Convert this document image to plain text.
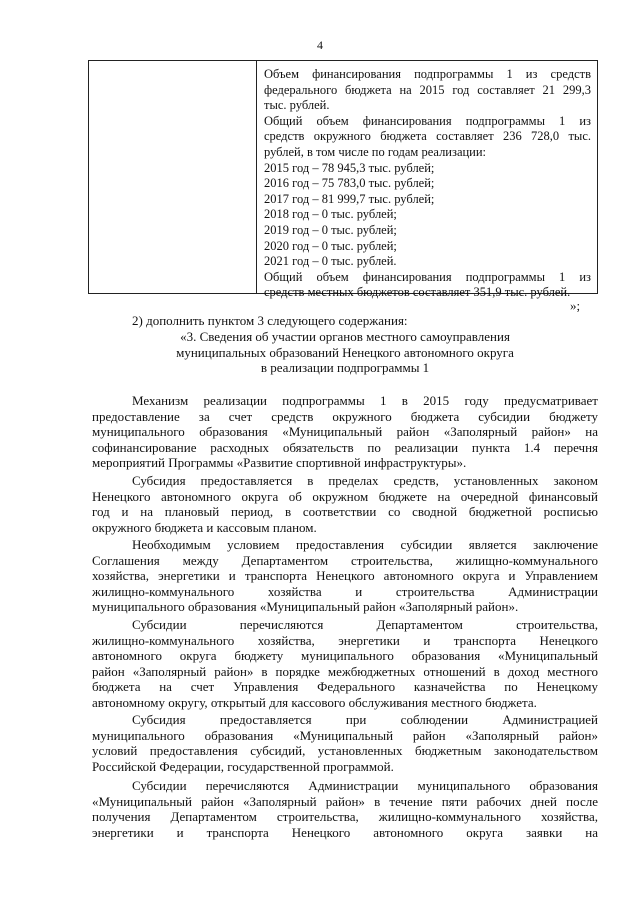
4
Объем финансирования подпрограммы 1 из средств
федерального бюджета на 2015 год составляет 21 299,3
тыс. рублей.
Общий объем финансирования подпрограммы 1 из
средств окружного бюджета составляет 236 728,0 тыс.
рублей, в том числе по годам реализации:
2015 год – 78 945,3 тыс. рублей;
2016 год – 75 783,0 тыс. рублей;
2017 год – 81 999,7 тыс. рублей;
2018 год – 0 тыс. рублей;
2019 год – 0 тыс. рублей;
2020 год – 0 тыс. рублей;
2021 год – 0 тыс. рублей.
Общий объем финансирования подпрограммы 1 из
средств местных бюджетов составляет 351,9 тыс. рублей.
»;
2) дополнить пунктом 3 следующего содержания:
«3. Сведения об участии органов местного самоуправления
муниципальных образований Ненецкого автономного округа
в реализации подпрограммы 1
Механизм реализации подпрограммы 1 в 2015 году предусматривает
предоставление за счет средств окружного бюджета субсидии бюджету
муниципального образования «Муниципальный район «Заполярный район» на
софинансирование расходных обязательств по реализации пункта 1.4 перечня
мероприятий Программы «Развитие спортивной инфраструктуры».
Субсидия предоставляется в пределах средств, установленных законом
Ненецкого автономного округа об окружном бюджете на очередной финансовый
год и на плановый период, в соответствии со сводной бюджетной росписью
окружного бюджета и кассовым планом.
Необходимым условием предоставления субсидии является заключение
Соглашения между Департаментом строительства, жилищно-коммунального
хозяйства, энергетики и транспорта Ненецкого автономного округа и Управлением
жилищно-коммунального хозяйства и строительства Администрации
муниципального образования «Муниципальный район «Заполярный район».
Субсидии перечисляются Департаментом строительства,
жилищно-коммунального хозяйства, энергетики и транспорта Ненецкого
автономного округа бюджету муниципального образования «Муниципальный
район «Заполярный район» в порядке межбюджетных отношений в доход местного
бюджета на счет Управления Федерального казначейства по Ненецкому
автономному округу, открытый для кассового обслуживания местного бюджета.
Субсидия предоставляется при соблюдении Администрацией
муниципального образования «Муниципальный район «Заполярный район»
условий предоставления субсидий, установленных бюджетным законодательством
Российской Федерации, государственной программой.
Субсидии перечисляются Администрации муниципального образования
«Муниципальный район «Заполярный район» в течение пяти рабочих дней после
получения Департаментом строительства, жилищно-коммунального хозяйства,
энергетики и транспорта Ненецкого автономного округа заявки на
